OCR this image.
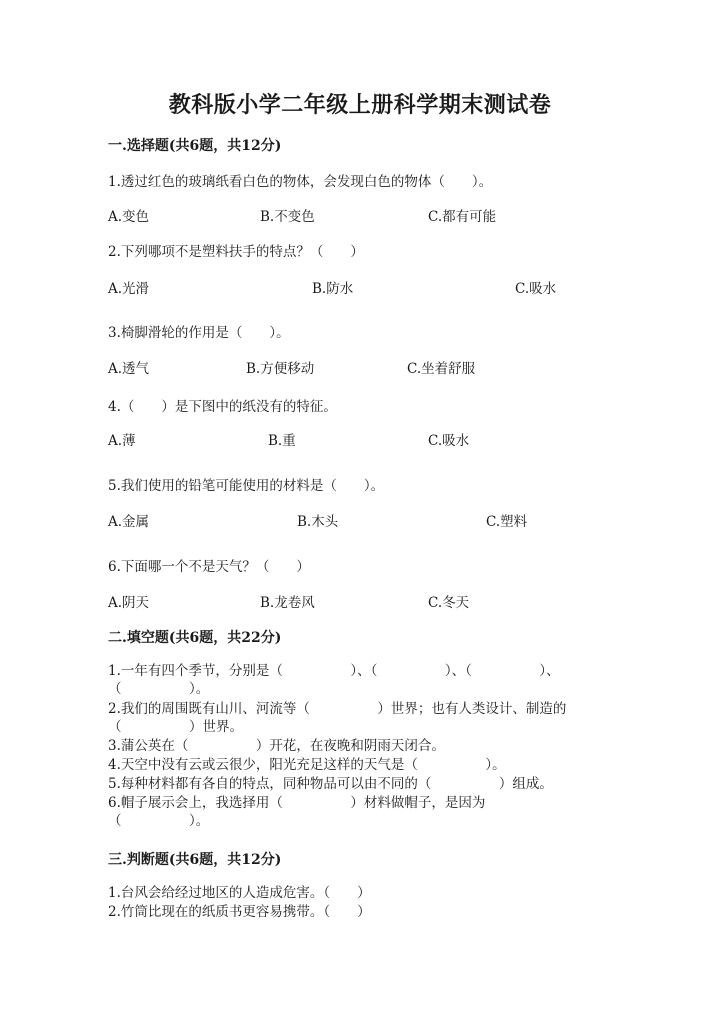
教科版小学二年级上册科学期末测试卷
一.选择题(共6题，共12分)
1.透过红色的玻璃纸看白色的物体，会发现白色的物体（　　）。
A.变色	B.不变色	C.都有可能
2.下列哪项不是塑料扶手的特点？（　　）
A.光滑	B.防水	C.吸水
3.椅脚滑轮的作用是（　　）。
A.透气	B.方便移动	C.坐着舒服
4.（　　）是下图中的纸没有的特征。
A.薄	B.重	C.吸水
5.我们使用的铅笔可能使用的材料是（　　）。
A.金属	B.木头	C.塑料
6.下面哪一个不是天气？（　　）
A.阴天	B.龙卷风	C.冬天
二.填空题(共6题，共22分)
1.一年有四个季节，分别是（　　　　　）、（　　　　　）、（　　　　　）、
（　　　　　）。
2.我们的周围既有山川、河流等（　　　　　）世界；也有人类设计、制造的
（　　　　　）世界。
3.蒲公英在（　　　　　）开花，在夜晚和阴雨天闭合。
4.天空中没有云或云很少，阳光充足这样的天气是（　　　　　）。
5.每种材料都有各自的特点，同种物品可以由不同的（　　　　　）组成。
6.帽子展示会上，我选择用（　　　　　）材料做帽子，是因为
（　　　　　）。
三.判断题(共6题，共12分)
1.台风会给经过地区的人造成危害。（　　）
2.竹筒比现在的纸质书更容易携带。（　　）
